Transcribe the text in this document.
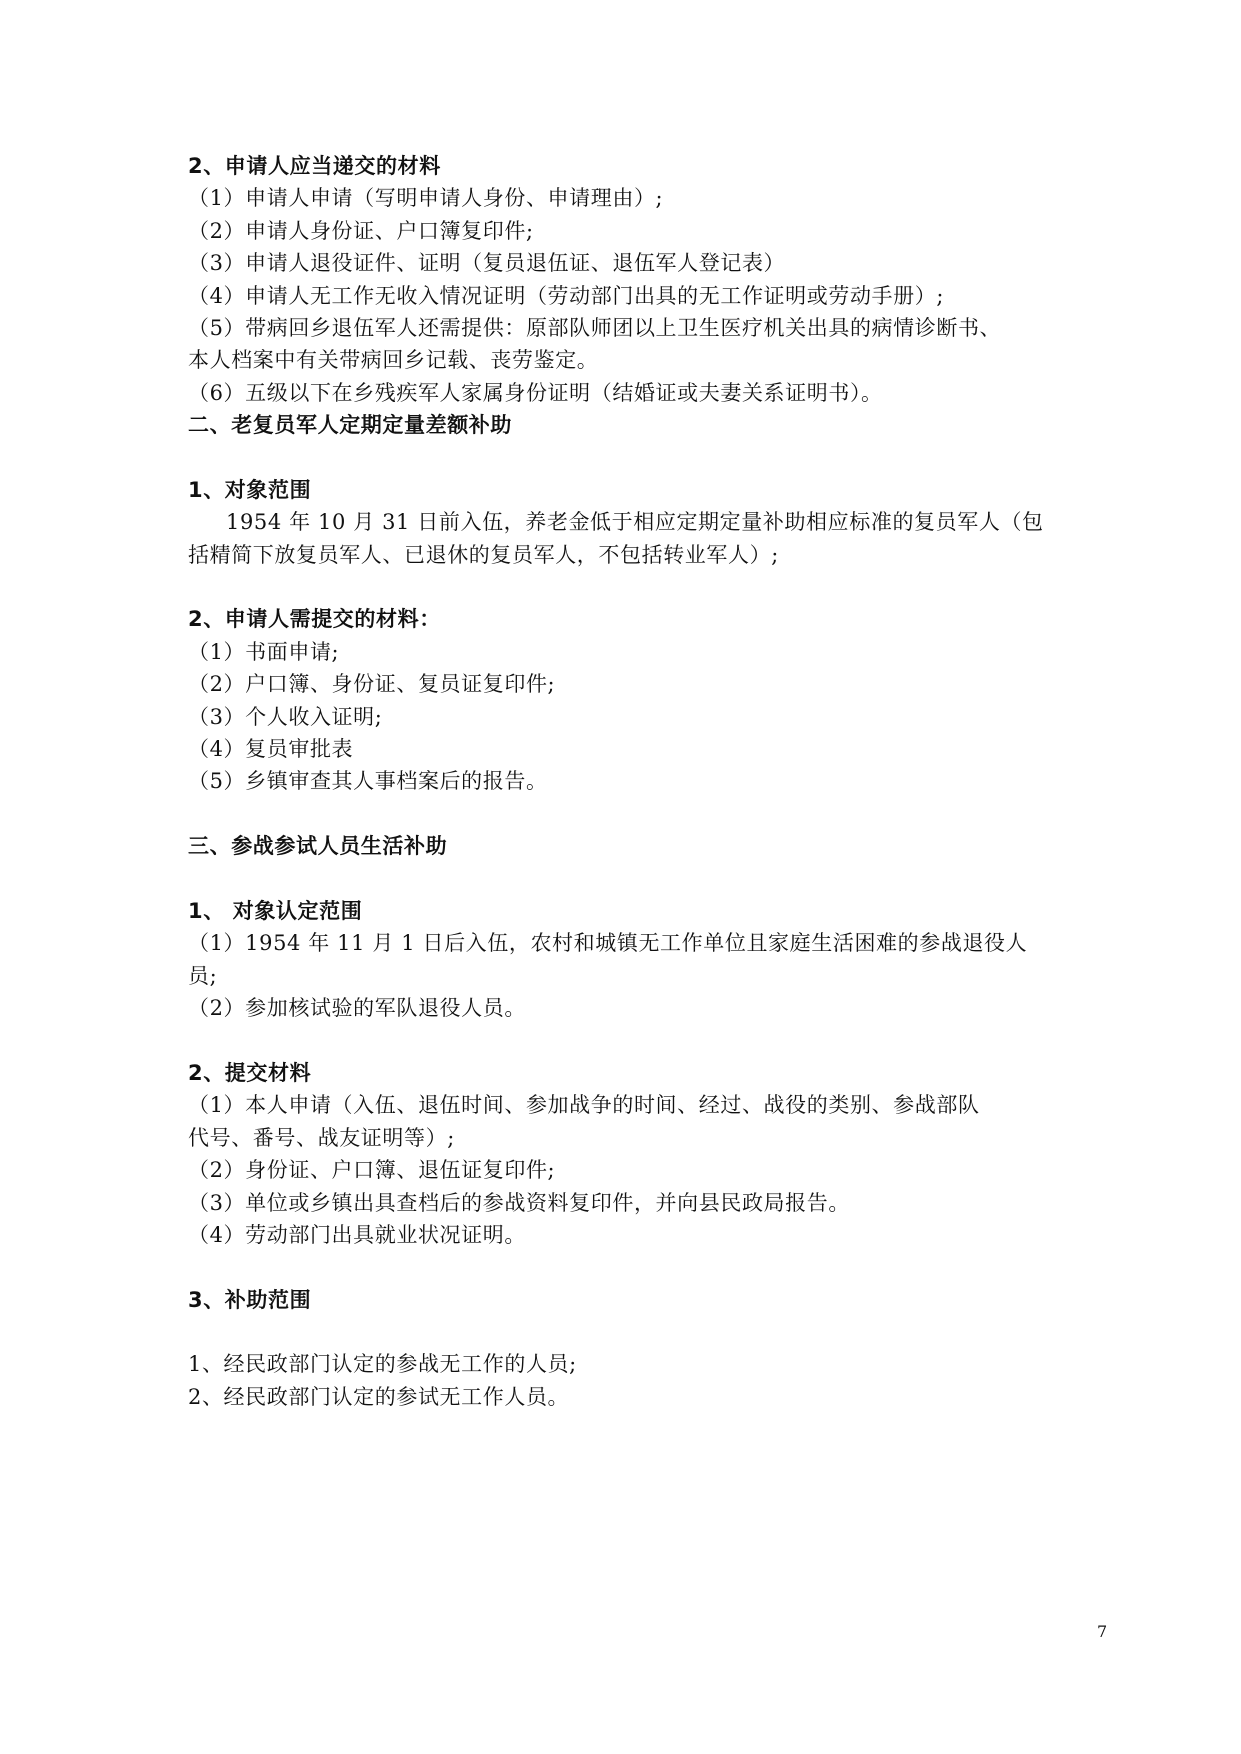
2、申请人应当递交的材料
（1）申请人申请（写明申请人身份、申请理由）;
（2）申请人身份证、户口簿复印件;
（3）申请人退役证件、证明（复员退伍证、退伍军人登记表）
（4）申请人无工作无收入情况证明（劳动部门出具的无工作证明或劳动手册）;
（5）带病回乡退伍军人还需提供：原部队师团以上卫生医疗机关出具的病情诊断书、
本人档案中有关带病回乡记载、丧劳鉴定。
（6）五级以下在乡残疾军人家属身份证明（结婚证或夫妻关系证明书）。
二、老复员军人定期定量差额补助
1、对象范围
1954 年 10 月 31 日前入伍，养老金低于相应定期定量补助相应标准的复员军人（包
括精简下放复员军人、已退休的复员军人，不包括转业军人）;
2、申请人需提交的材料：
（1）书面申请;
（2）户口簿、身份证、复员证复印件;
（3）个人收入证明;
（4）复员审批表
（5）乡镇审查其人事档案后的报告。
三、参战参试人员生活补助
1、 对象认定范围
（1）1954 年 11 月 1 日后入伍，农村和城镇无工作单位且家庭生活困难的参战退役人
员;
（2）参加核试验的军队退役人员。
2、提交材料
（1）本人申请（入伍、退伍时间、参加战争的时间、经过、战役的类别、参战部队
代号、番号、战友证明等）;
（2）身份证、户口簿、退伍证复印件;
（3）单位或乡镇出具查档后的参战资料复印件，并向县民政局报告。
（4）劳动部门出具就业状况证明。
3、补助范围
1、经民政部门认定的参战无工作的人员;
2、经民政部门认定的参试无工作人员。
7
